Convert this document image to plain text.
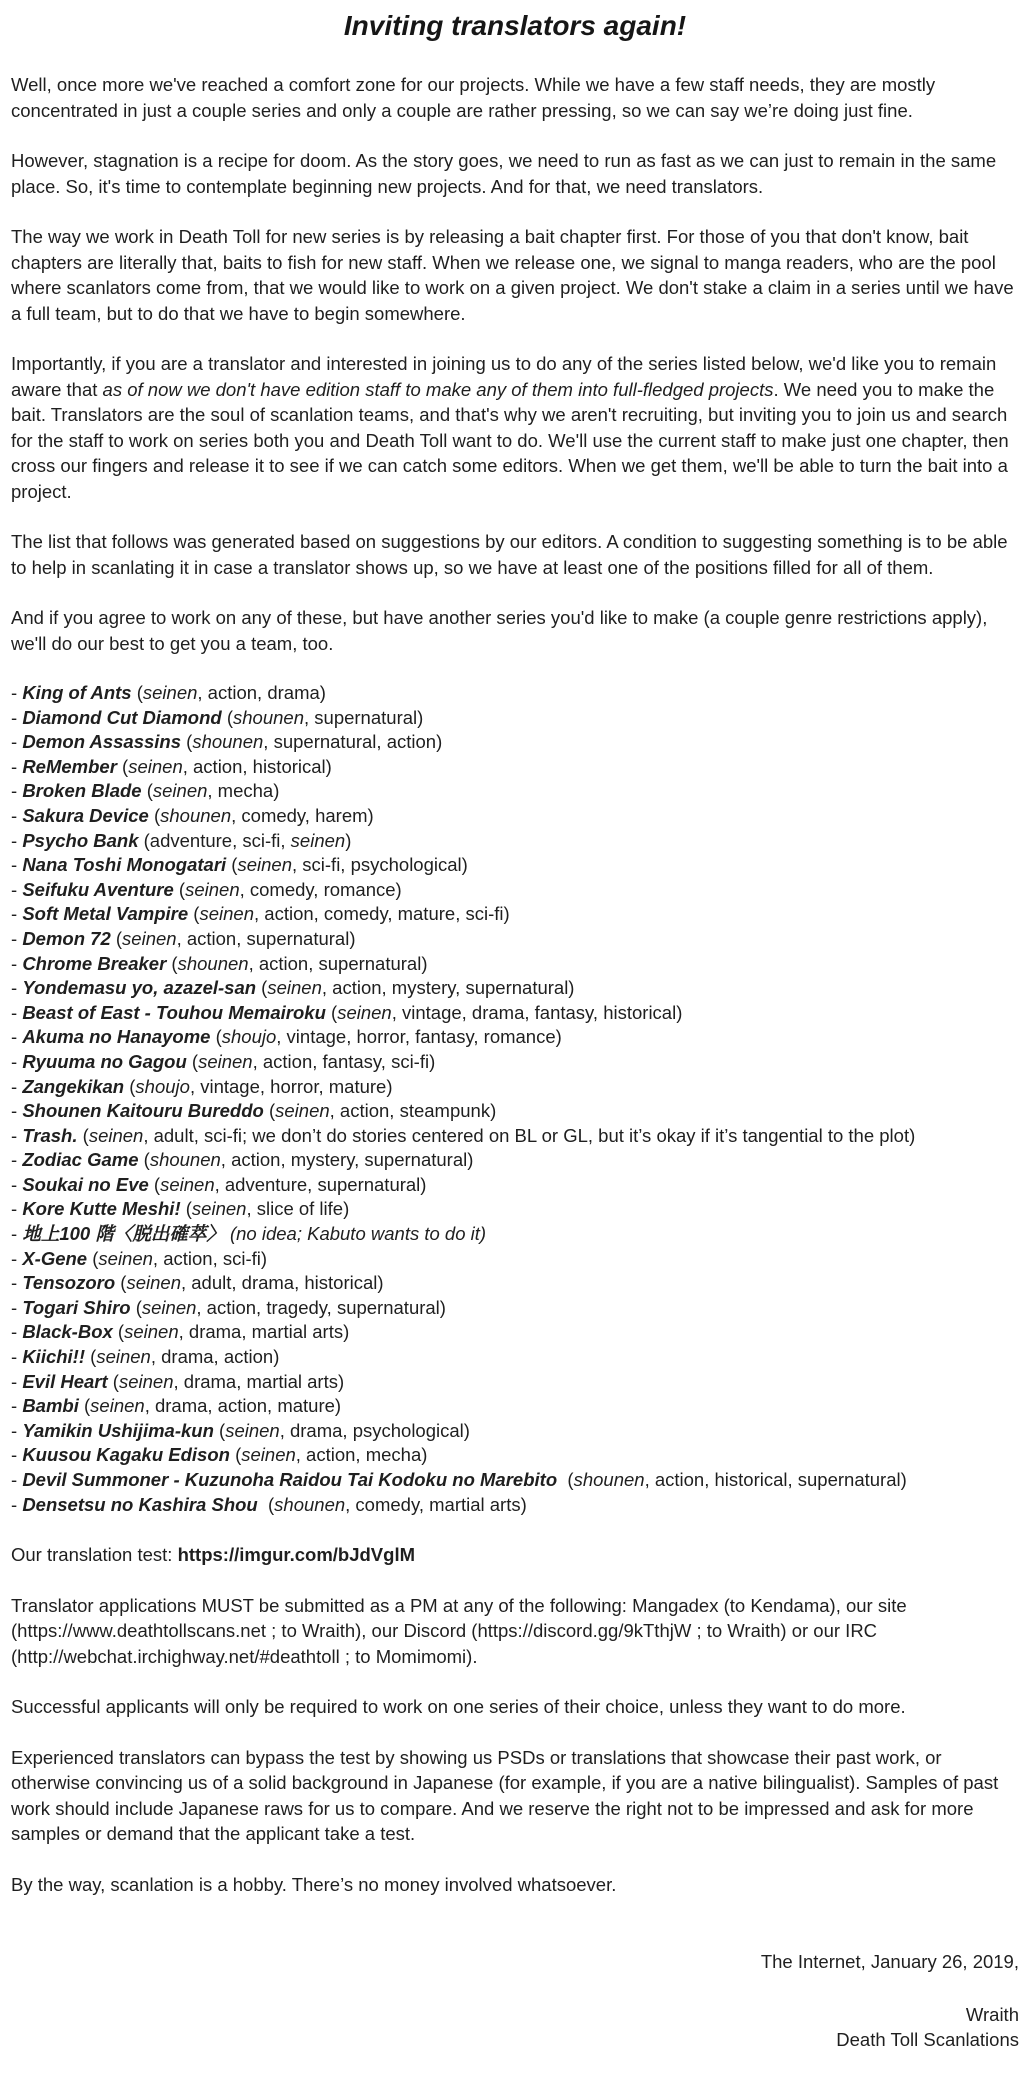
Inviting translators again!

Well, once more we've reached a comfort zone for our projects. While we have a few staff needs, they are mostly concentrated in just a couple series and only a couple are rather pressing, so we can say we’re doing just fine.

However, stagnation is a recipe for doom. As the story goes, we need to run as fast as we can just to remain in the same place. So, it's time to contemplate beginning new projects. And for that, we need translators.

The way we work in Death Toll for new series is by releasing a bait chapter first. For those of you that don't know, bait chapters are literally that, baits to fish for new staff. When we release one, we signal to manga readers, who are the pool where scanlators come from, that we would like to work on a given project. We don't stake a claim in a series until we have a full team, but to do that we have to begin somewhere.

Importantly, if you are a translator and interested in joining us to do any of the series listed below, we'd like you to remain aware that as of now we don't have edition staff to make any of them into full-fledged projects. We need you to make the bait. Translators are the soul of scanlation teams, and that's why we aren't recruiting, but inviting you to join us and search for the staff to work on series both you and Death Toll want to do. We'll use the current staff to make just one chapter, then cross our fingers and release it to see if we can catch some editors. When we get them, we'll be able to turn the bait into a project.

The list that follows was generated based on suggestions by our editors. A condition to suggesting something is to be able to help in scanlating it in case a translator shows up, so we have at least one of the positions filled for all of them.

And if you agree to work on any of these, but have another series you'd like to make (a couple genre restrictions apply), we'll do our best to get you a team, too.

- King of Ants (seinen, action, drama)
- Diamond Cut Diamond (shounen, supernatural)
- Demon Assassins (shounen, supernatural, action)
- ReMember (seinen, action, historical)
- Broken Blade (seinen, mecha)
- Sakura Device (shounen, comedy, harem)
- Psycho Bank (adventure, sci-fi, seinen)
- Nana Toshi Monogatari (seinen, sci-fi, psychological)
- Seifuku Aventure (seinen, comedy, romance)
- Soft Metal Vampire (seinen, action, comedy, mature, sci-fi)
- Demon 72 (seinen, action, supernatural)
- Chrome Breaker (shounen, action, supernatural)
- Yondemasu yo, azazel-san (seinen, action, mystery, supernatural)
- Beast of East - Touhou Memairoku (seinen, vintage, drama, fantasy, historical)
- Akuma no Hanayome (shoujo, vintage, horror, fantasy, romance)
- Ryuuma no Gagou (seinen, action, fantasy, sci-fi)
- Zangekikan (shoujo, vintage, horror, mature)
- Shounen Kaitouru Bureddo (seinen, action, steampunk)
- Trash. (seinen, adult, sci-fi; we don’t do stories centered on BL or GL, but it’s okay if it’s tangential to the plot)
- Zodiac Game (shounen, action, mystery, supernatural)
- Soukai no Eve (seinen, adventure, supernatural)
- Kore Kutte Meshi! (seinen, slice of life)
- 地上100 階〈脱出確萃〉 (no idea; Kabuto wants to do it)
- X-Gene (seinen, action, sci-fi)
- Tensozoro (seinen, adult, drama, historical)
- Togari Shiro (seinen, action, tragedy, supernatural)
- Black-Box (seinen, drama, martial arts)
- Kiichi!! (seinen, drama, action)
- Evil Heart (seinen, drama, martial arts)
- Bambi (seinen, drama, action, mature)
- Yamikin Ushijima-kun (seinen, drama, psychological)
- Kuusou Kagaku Edison (seinen, action, mecha)
- Devil Summoner - Kuzunoha Raidou Tai Kodoku no Marebito  (shounen, action, historical, supernatural)
- Densetsu no Kashira Shou  (shounen, comedy, martial arts)

Our translation test: https://imgur.com/bJdVglM

Translator applications MUST be submitted as a PM at any of the following: Mangadex (to Kendama), our site (https://www.deathtollscans.net ; to Wraith), our Discord (https://discord.gg/9kTthjW ; to Wraith) or our IRC (http://webchat.irchighway.net/#deathtoll ; to Momimomi).

Successful applicants will only be required to work on one series of their choice, unless they want to do more.

Experienced translators can bypass the test by showing us PSDs or translations that showcase their past work, or otherwise convincing us of a solid background in Japanese (for example, if you are a native bilingualist). Samples of past work should include Japanese raws for us to compare. And we reserve the right not to be impressed and ask for more samples or demand that the applicant take a test.

By the way, scanlation is a hobby. There’s no money involved whatsoever.

The Internet, January 26, 2019,

Wraith

Death Toll Scanlations
